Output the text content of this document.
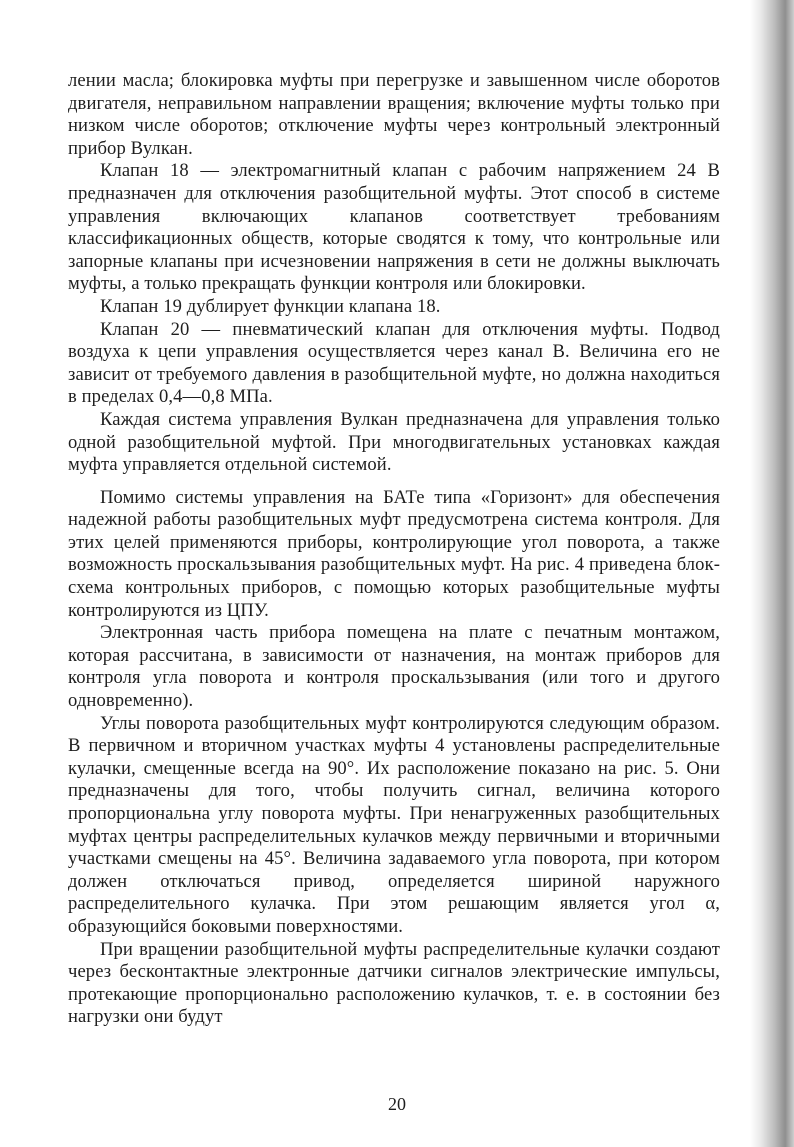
лении масла; блокировка муфты при перегрузке и завышенном числе оборотов двигателя, неправильном направлении вращения; включение муфты только при низком числе оборотов; отключение муфты через контрольный электронный прибор Вулкан.

Клапан 18 — электромагнитный клапан с рабочим напряжением 24 В предназначен для отключения разобщительной муфты. Этот способ в системе управления включающих клапанов соответствует требованиям классификационных обществ, которые сводятся к тому, что контрольные или запорные клапаны при исчезновении напряжения в сети не должны выключать муфты, а только прекращать функции контроля или блокировки.

Клапан 19 дублирует функции клапана 18.

Клапан 20 — пневматический клапан для отключения муфты. Подвод воздуха к цепи управления осуществляется через канал В. Величина его не зависит от требуемого давления в разобщительной муфте, но должна находиться в пределах 0,4—0,8 МПа.

Каждая система управления Вулкан предназначена для управления только одной разобщительной муфтой. При многодвигательных установках каждая муфта управляется отдельной системой.

Помимо системы управления на БАТе типа «Горизонт» для обеспечения надежной работы разобщительных муфт предусмотрена система контроля. Для этих целей применяются приборы, контролирующие угол поворота, а также возможность проскальзывания разобщительных муфт. На рис. 4 приведена блок-схема контрольных приборов, с помощью которых разобщительные муфты контролируются из ЦПУ.

Электронная часть прибора помещена на плате с печатным монтажом, которая рассчитана, в зависимости от назначения, на монтаж приборов для контроля угла поворота и контроля проскальзывания (или того и другого одновременно).

Углы поворота разобщительных муфт контролируются следующим образом. В первичном и вторичном участках муфты 4 установлены распределительные кулачки, смещенные всегда на 90°. Их расположение показано на рис. 5. Они предназначены для того, чтобы получить сигнал, величина которого пропорциональна углу поворота муфты. При ненагруженных разобщительных муфтах центры распределительных кулачков между первичными и вторичными участками смещены на 45°. Величина задаваемого угла поворота, при котором должен отключаться привод, определяется шириной наружного распределительного кулачка. При этом решающим является угол α, образующийся боковыми поверхностями.

При вращении разобщительной муфты распределительные кулачки создают через бесконтактные электронные датчики сигналов электрические импульсы, протекающие пропорционально расположению кулачков, т. е. в состоянии без нагрузки они будут

20
